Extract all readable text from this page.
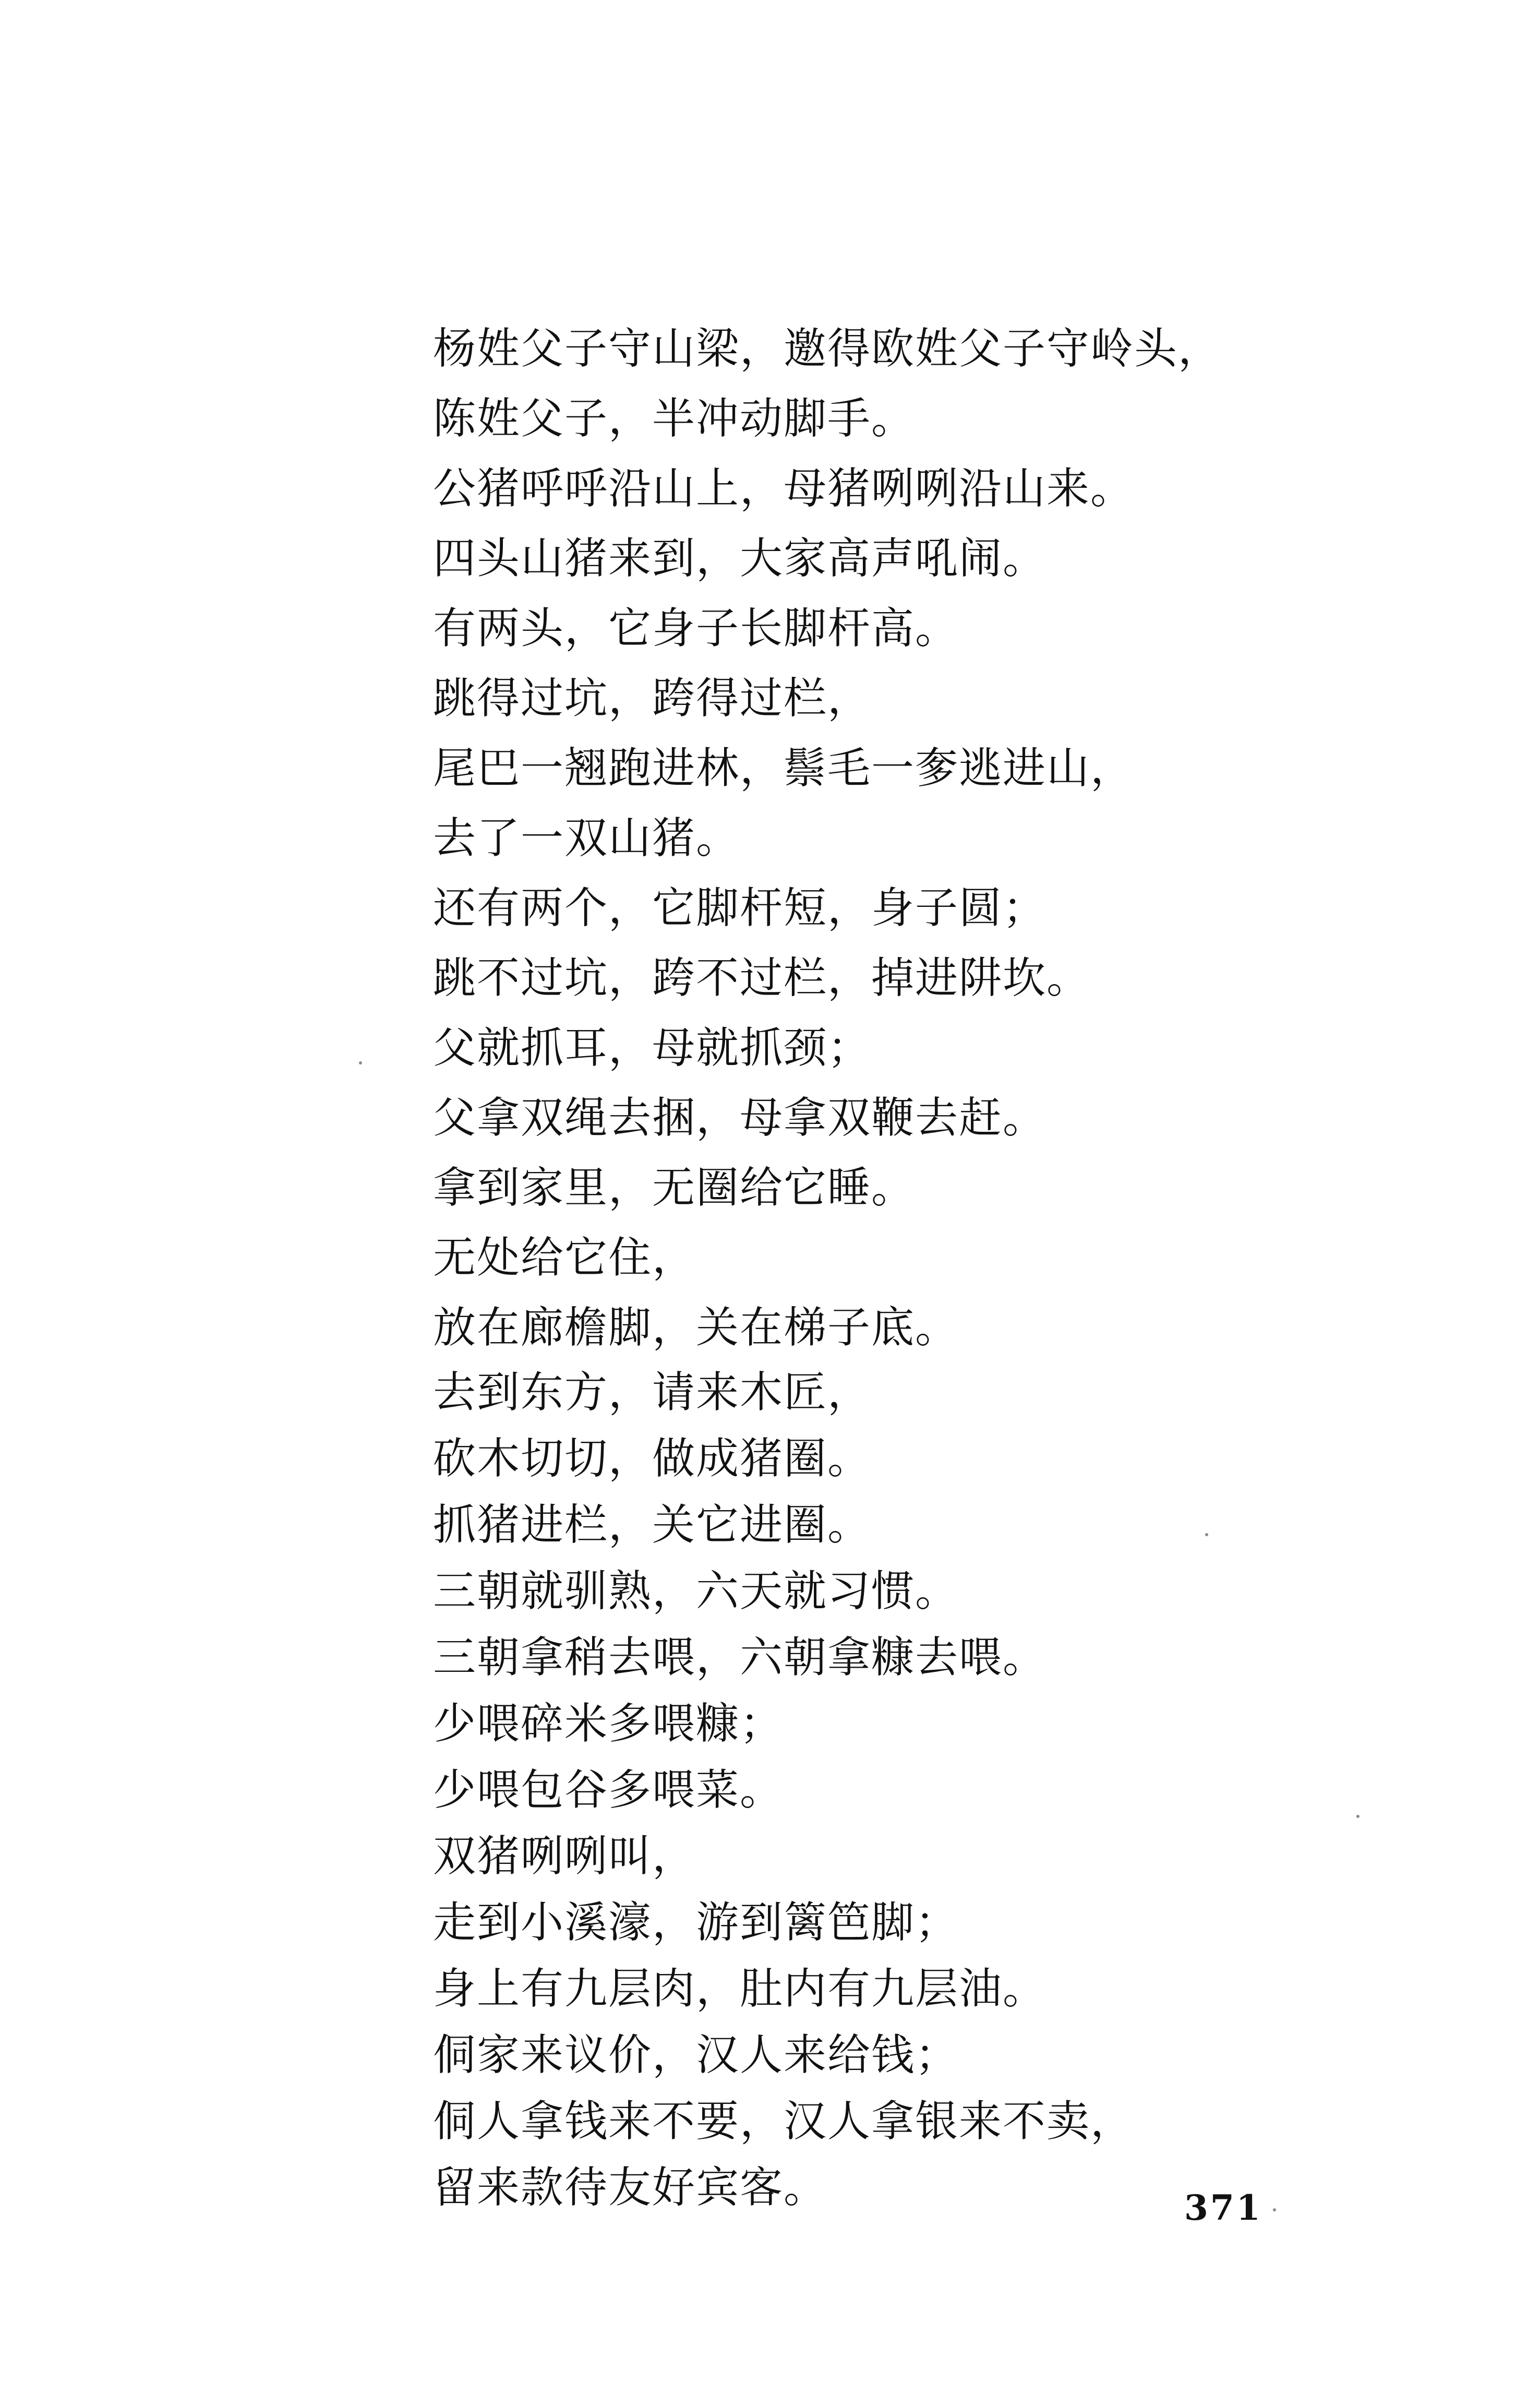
杨姓父子守山梁，邀得欧姓父子守岭头，
陈姓父子，半冲动脚手。
公猪呼呼沿山上，母猪咧咧沿山来。
四头山猪来到，大家高声吼闹。
有两头，它身子长脚杆高。
跳得过坑，跨得过栏，
尾巴一翘跑进林，鬃毛一奓逃进山，
去了一双山猪。
还有两个，它脚杆短，身子圆；
跳不过坑，跨不过栏，掉进阱坎。
父就抓耳，母就抓颈；
父拿双绳去捆，母拿双鞭去赶。
拿到家里，无圈给它睡。
无处给它住，
放在廊檐脚，关在梯子底。
去到东方，请来木匠，
砍木切切，做成猪圈。
抓猪进栏，关它进圈。
三朝就驯熟，六天就习惯。
三朝拿稍去喂，六朝拿糠去喂。
少喂碎米多喂糠；
少喂包谷多喂菜。
双猪咧咧叫，
走到小溪濠，游到篱笆脚；
身上有九层肉，肚内有九层油。
侗家来议价，汉人来给钱；
侗人拿钱来不要，汉人拿银来不卖，
留来款待友好宾客。	371
